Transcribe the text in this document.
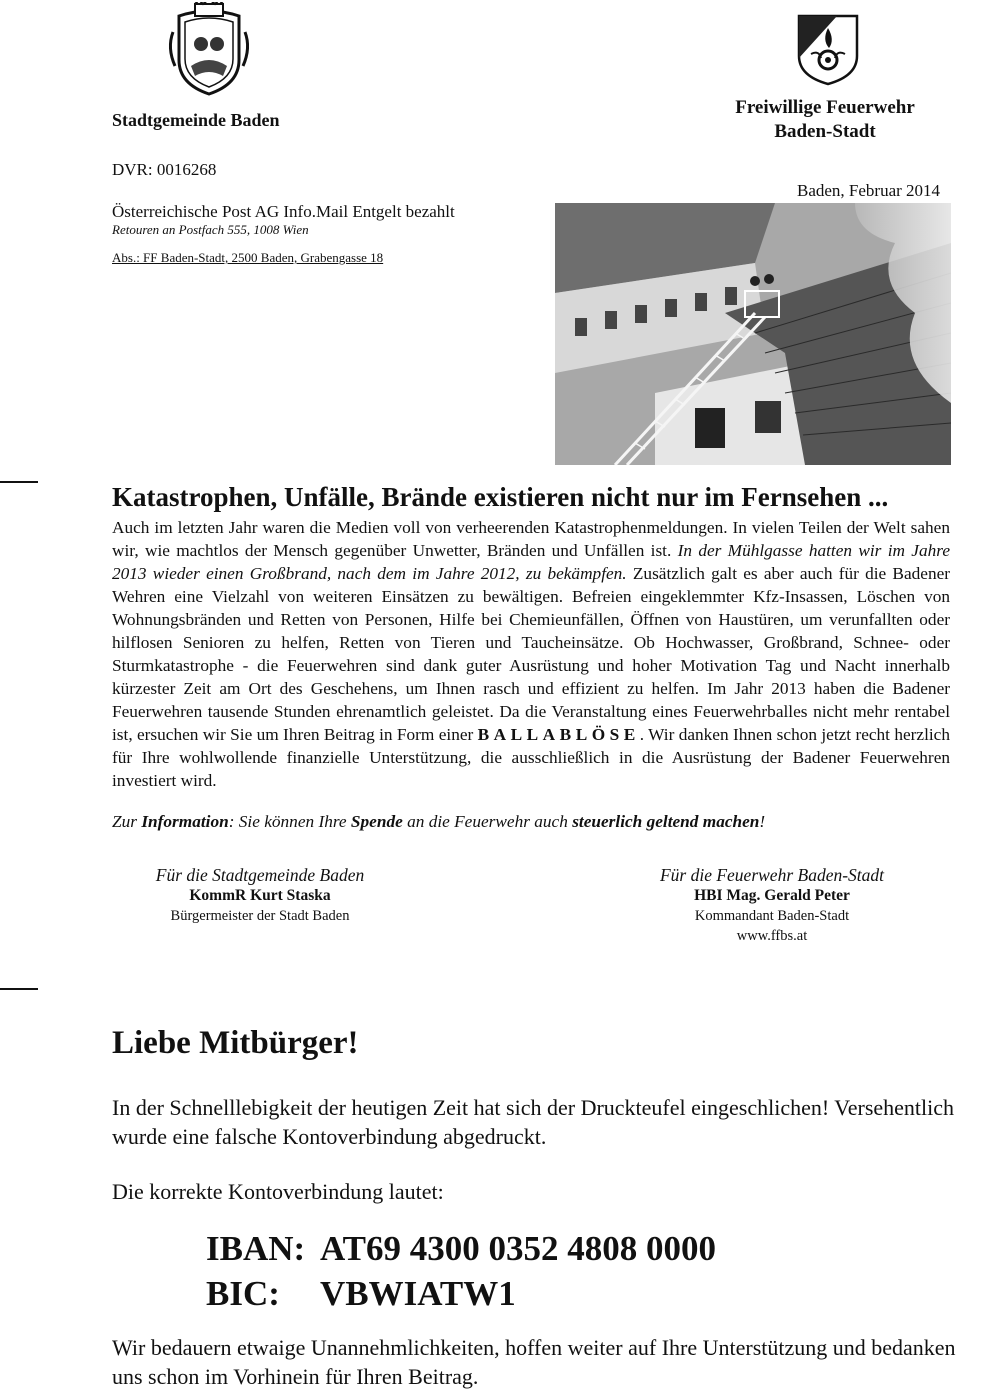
Stadtgemeinde Baden
Freiwillige Feuerwehr
Baden-Stadt
DVR: 0016268
Österreichische Post AG Info.Mail Entgelt bezahlt
Retouren an Postfach 555, 1008 Wien
Abs.: FF Baden-Stadt, 2500 Baden, Grabengasse 18
Baden, Februar 2014
Katastrophen, Unfälle, Brände existieren nicht nur im Fernsehen ...

Auch im letzten Jahr waren die Medien voll von verheerenden Katastrophenmeldungen. In vielen Teilen der Welt sahen wir, wie machtlos der Mensch gegenüber Unwetter, Bränden und Unfällen ist. In der Mühlgasse hatten wir im Jahre 2013 wieder einen Großbrand, nach dem im Jahre 2012, zu bekämpfen. Zusätzlich galt es aber auch für die Badener Wehren eine Vielzahl von weiteren Einsätzen zu bewältigen. Befreien eingeklemmter Kfz-Insassen, Löschen von Wohnungsbränden und Retten von Personen, Hilfe bei Chemieunfällen, Öffnen von Haustüren, um verunfallten oder hilflosen Senioren zu helfen, Retten von Tieren und Taucheinsätze. Ob Hochwasser, Großbrand, Schnee- oder Sturmkatastrophe - die Feuerwehren sind dank guter Ausrüstung und hoher Motivation Tag und Nacht innerhalb kürzester Zeit am Ort des Geschehens, um Ihnen rasch und effizient zu helfen. Im Jahr 2013 haben die Badener Feuerwehren tausende Stunden ehrenamtlich geleistet. Da die Veranstaltung eines Feuerwehrballes nicht mehr rentabel ist, ersuchen wir Sie um Ihren Beitrag in Form einer BALLABLÖSE. Wir danken Ihnen schon jetzt recht herzlich für Ihre wohlwollende finanzielle Unterstützung, die ausschließlich in die Ausrüstung der Badener Feuerwehren investiert wird.

Zur Information: Sie können Ihre Spende an die Feuerwehr auch steuerlich geltend machen!
Für die Stadtgemeinde Baden
KommR Kurt Staska
Bürgermeister der Stadt Baden
Für die Feuerwehr Baden-Stadt
HBI Mag. Gerald Peter
Kommandant Baden-Stadt
www.ffbs.at
Liebe Mitbürger!
In der Schnelllebigkeit der heutigen Zeit hat sich der Druckteufel eingeschlichen! Versehentlich wurde eine falsche Kontoverbindung abgedruckt.
Die korrekte Kontoverbindung lautet:
IBAN: AT69 4300 0352 4808 0000
BIC: VBWIATW1
Wir bedauern etwaige Unannehmlichkeiten, hoffen weiter auf Ihre Unterstützung und bedanken uns schon im Vorhinein für Ihren Beitrag.
